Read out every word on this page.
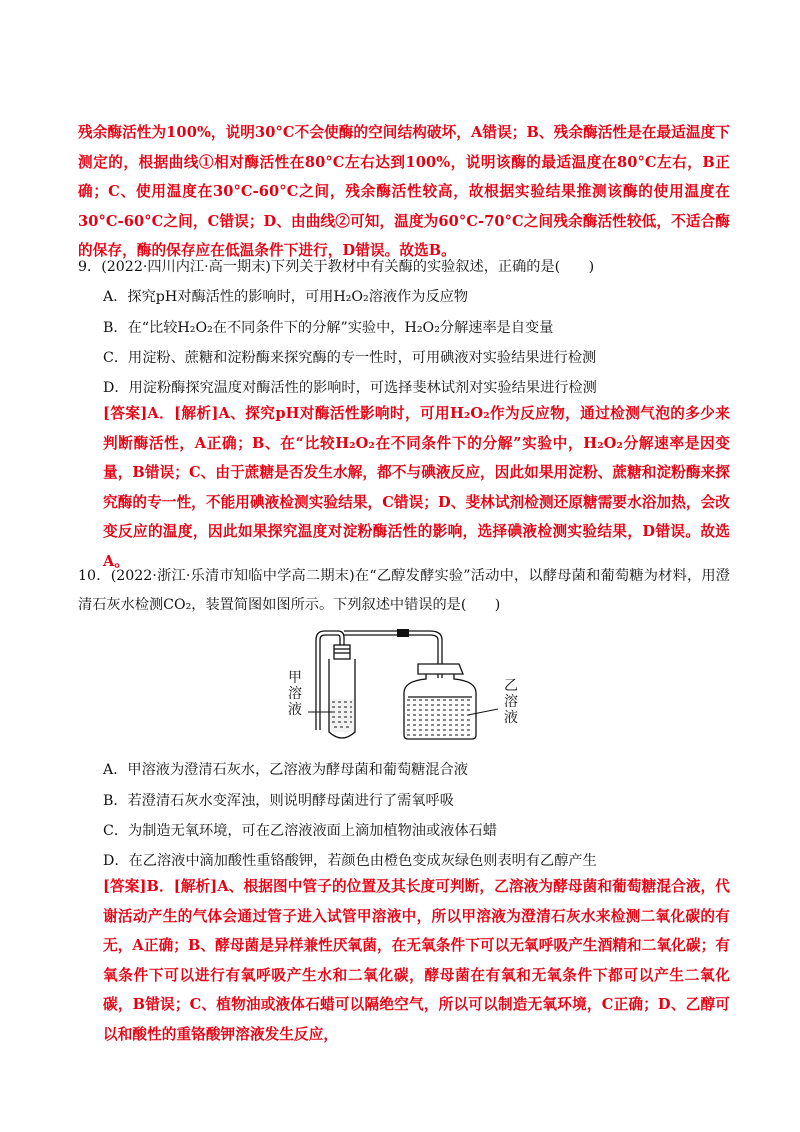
残余酶活性为100%，说明30°C不会使酶的空间结构破坏，A错误；B、残余酶活性是在最适温度下测定的，根据曲线①相对酶活性在80°C左右达到100%，说明该酶的最适温度在80°C左右，B正确；C、使用温度在30°C-60°C之间，残余酶活性较高，故根据实验结果推测该酶的使用温度在30°C-60°C之间，C错误；D、由曲线②可知，温度为60°C-70°C之间残余酶活性较低，不适合酶的保存，酶的保存应在低温条件下进行，D错误。故选B。
9．(2022·四川内江·高一期末)下列关于教材中有关酶的实验叙述，正确的是(　　)
A．探究pH对酶活性的影响时，可用H₂O₂溶液作为反应物
B．在“比较H₂O₂在不同条件下的分解”实验中，H₂O₂分解速率是自变量
C．用淀粉、蔗糖和淀粉酶来探究酶的专一性时，可用碘液对实验结果进行检测
D．用淀粉酶探究温度对酶活性的影响时，可选择斐林试剂对实验结果进行检测
[答案]A．[解析]A、探究pH对酶活性影响时，可用H₂O₂作为反应物，通过检测气泡的多少来判断酶活性，A正确；B、在“比较H₂O₂在不同条件下的分解”实验中，H₂O₂分解速率是因变量，B错误；C、由于蔗糖是否发生水解，都不与碘液反应，因此如果用淀粉、蔗糖和淀粉酶来探究酶的专一性，不能用碘液检测实验结果，C错误；D、斐林试剂检测还原糖需要水浴加热，会改变反应的温度，因此如果探究温度对淀粉酶活性的影响，选择碘液检测实验结果，D错误。故选A。
10．(2022·浙江·乐清市知临中学高二期末)在“乙醇发酵实验”活动中，以酵母菌和葡萄糖为材料，用澄清石灰水检测CO₂，装置简图如图所示。下列叙述中错误的是(　　)
甲溶液
乙溶液
A．甲溶液为澄清石灰水，乙溶液为酵母菌和葡萄糖混合液
B．若澄清石灰水变浑浊，则说明酵母菌进行了需氧呼吸
C．为制造无氧环境，可在乙溶液液面上滴加植物油或液体石蜡
D．在乙溶液中滴加酸性重铬酸钾，若颜色由橙色变成灰绿色则表明有乙醇产生
[答案]B．[解析]A、根据图中管子的位置及其长度可判断，乙溶液为酵母菌和葡萄糖混合液，代谢活动产生的气体会通过管子进入试管甲溶液中，所以甲溶液为澄清石灰水来检测二氧化碳的有无，A正确；B、酵母菌是异样兼性厌氧菌，在无氧条件下可以无氧呼吸产生酒精和二氧化碳；有氧条件下可以进行有氧呼吸产生水和二氧化碳，酵母菌在有氧和无氧条件下都可以产生二氧化碳，B错误；C、植物油或液体石蜡可以隔绝空气，所以可以制造无氧环境，C正确；D、乙醇可以和酸性的重铬酸钾溶液发生反应，
